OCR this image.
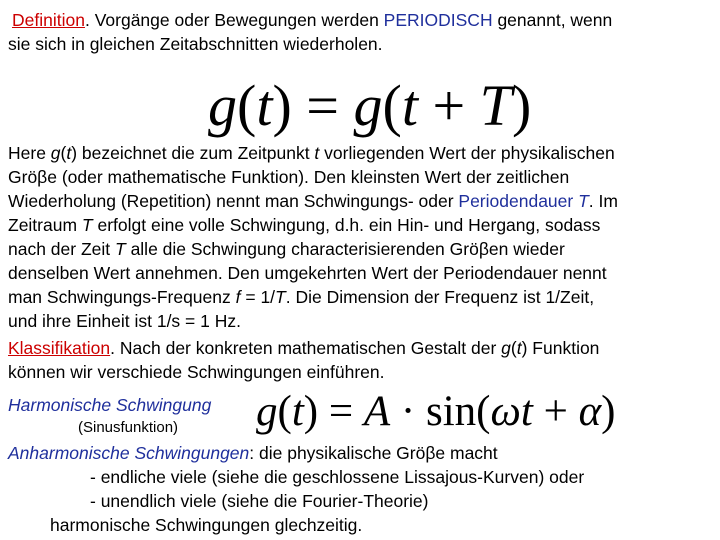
Definition. Vorgänge oder Bewegungen werden PERIODISCH genannt, wenn
sie sich in gleichen Zeitabschnitten wiederholen.
g(t) = g(t + T)
Here g(t) bezeichnet die zum Zeitpunkt t vorliegenden Wert der physikalischen
Gröβe (oder mathematische Funktion). Den kleinsten Wert der zeitlichen
Wiederholung (Repetition) nennt man Schwingungs- oder Periodendauer T. Im
Zeitraum T erfolgt eine volle Schwingung, d.h. ein Hin- und Hergang, sodass
nach der Zeit T alle die Schwingung characterisierenden Gröβen wieder
denselben Wert annehmen. Den umgekehrten Wert der Periodendauer nennt
man Schwingungs-Frequenz f = 1/T. Die Dimension der Frequenz ist 1/Zeit,
und ihre Einheit ist 1/s = 1 Hz.
Klassifikation. Nach der konkreten mathematischen Gestalt der g(t) Funktion
können wir verschiede Schwingungen einführen.
Harmonische Schwingung
(Sinusfunktion) g(t) = A · sin(ωt + α)
Anharmonische Schwingungen: die physikalische Gröβe macht
- endliche viele (siehe die geschlossene Lissajous-Kurven) oder
- unendlich viele (siehe die Fourier-Theorie)
harmonische Schwingungen glechzeitig.
